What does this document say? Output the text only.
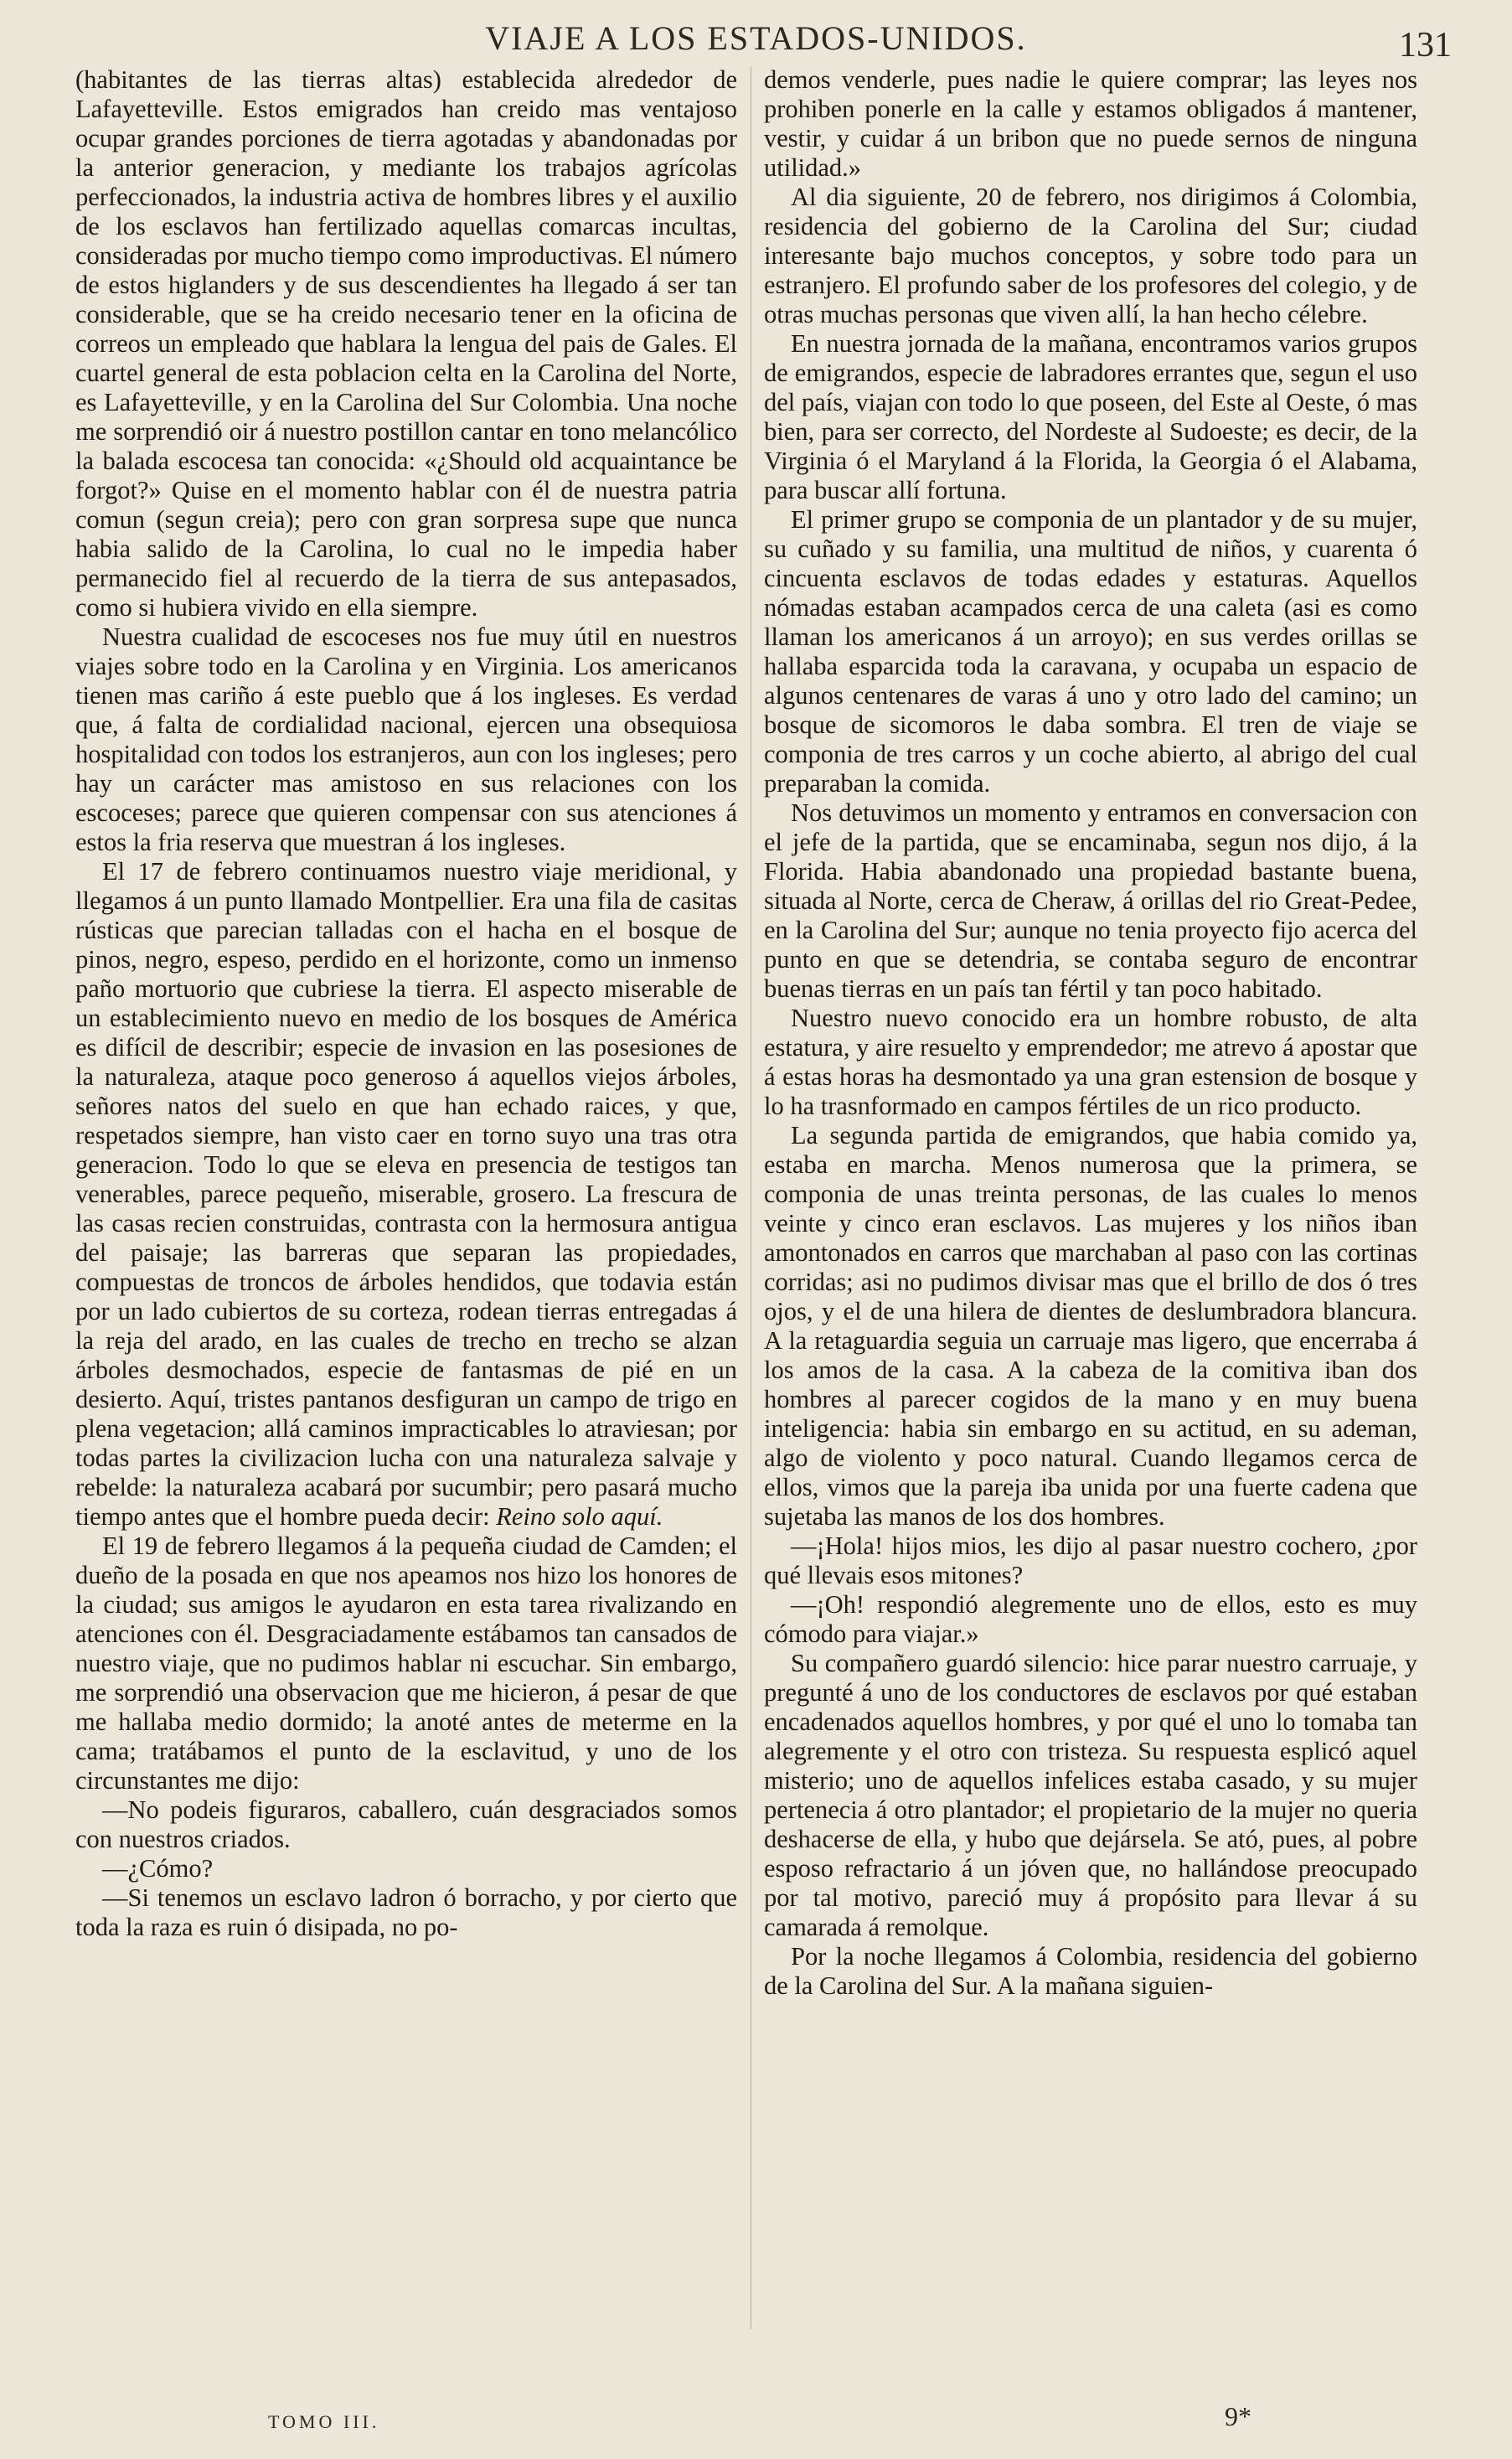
VIAJE A LOS ESTADOS-UNIDOS.	131

(habitantes de las tierras altas) establecida alrededor de Lafayetteville. Estos emigrados han creido mas ventajoso ocupar grandes porciones de tierra agotadas y abandonadas por la anterior generacion, y mediante los trabajos agrícolas perfeccionados, la industria activa de hombres libres y el auxilio de los esclavos han fertilizado aquellas comarcas incultas, consideradas por mucho tiempo como improductivas. El número de estos higlanders y de sus descendientes ha llegado á ser tan considerable, que se ha creido necesario tener en la oficina de correos un empleado que hablara la lengua del pais de Gales. El cuartel general de esta poblacion celta en la Carolina del Norte, es Lafayetteville, y en la Carolina del Sur Colombia. Una noche me sorprendió oir á nuestro postillon cantar en tono melancólico la balada escocesa tan conocida: «¿Should old acquaintance be forgot?» Quise en el momento hablar con él de nuestra patria comun (segun creia); pero con gran sorpresa supe que nunca habia salido de la Carolina, lo cual no le impedia haber permanecido fiel al recuerdo de la tierra de sus antepasados, como si hubiera vivido en ella siempre.

Nuestra cualidad de escoceses nos fue muy útil en nuestros viajes sobre todo en la Carolina y en Virginia. Los americanos tienen mas cariño á este pueblo que á los ingleses. Es verdad que, á falta de cordialidad nacional, ejercen una obsequiosa hospitalidad con todos los estranjeros, aun con los ingleses; pero hay un carácter mas amistoso en sus relaciones con los escoceses; parece que quieren compensar con sus atenciones á estos la fria reserva que muestran á los ingleses.

El 17 de febrero continuamos nuestro viaje meridional, y llegamos á un punto llamado Montpellier. Era una fila de casitas rústicas que parecian talladas con el hacha en el bosque de pinos, negro, espeso, perdido en el horizonte, como un inmenso paño mortuorio que cubriese la tierra. El aspecto miserable de un establecimiento nuevo en medio de los bosques de América es difícil de describir; especie de invasion en las posesiones de la naturaleza, ataque poco generoso á aquellos viejos árboles, señores natos del suelo en que han echado raices, y que, respetados siempre, han visto caer en torno suyo una tras otra generacion. Todo lo que se eleva en presencia de testigos tan venerables, parece pequeño, miserable, grosero. La frescura de las casas recien construidas, contrasta con la hermosura antigua del paisaje; las barreras que separan las propiedades, compuestas de troncos de árboles hendidos, que todavia están por un lado cubiertos de su corteza, rodean tierras entregadas á la reja del arado, en las cuales de trecho en trecho se alzan árboles desmochados, especie de fantasmas de pié en un desierto. Aquí, tristes pantanos desfiguran un campo de trigo en plena vegetacion; allá caminos impracticables lo atraviesan; por todas partes la civilizacion lucha con una naturaleza salvaje y rebelde: la naturaleza acabará por sucumbir; pero pasará mucho tiempo antes que el hombre pueda decir: Reino solo aquí.

El 19 de febrero llegamos á la pequeña ciudad de Camden; el dueño de la posada en que nos apeamos nos hizo los honores de la ciudad; sus amigos le ayudaron en esta tarea rivalizando en atenciones con él. Desgraciadamente estábamos tan cansados de nuestro viaje, que no pudimos hablar ni escuchar. Sin embargo, me sorprendió una observacion que me hicieron, á pesar de que me hallaba medio dormido; la anoté antes de meterme en la cama; tratábamos el punto de la esclavitud, y uno de los circunstantes me dijo:

—No podeis figuraros, caballero, cuán desgraciados somos con nuestros criados.

—¿Cómo?

—Si tenemos un esclavo ladron ó borracho, y por cierto que toda la raza es ruin ó disipada, no po-

demos venderle, pues nadie le quiere comprar; las leyes nos prohiben ponerle en la calle y estamos obligados á mantener, vestir, y cuidar á un bribon que no puede sernos de ninguna utilidad.»

Al dia siguiente, 20 de febrero, nos dirigimos á Colombia, residencia del gobierno de la Carolina del Sur; ciudad interesante bajo muchos conceptos, y sobre todo para un estranjero. El profundo saber de los profesores del colegio, y de otras muchas personas que viven allí, la han hecho célebre.

En nuestra jornada de la mañana, encontramos varios grupos de emigrandos, especie de labradores errantes que, segun el uso del país, viajan con todo lo que poseen, del Este al Oeste, ó mas bien, para ser correcto, del Nordeste al Sudoeste; es decir, de la Virginia ó el Maryland á la Florida, la Georgia ó el Alabama, para buscar allí fortuna.

El primer grupo se componia de un plantador y de su mujer, su cuñado y su familia, una multitud de niños, y cuarenta ó cincuenta esclavos de todas edades y estaturas. Aquellos nómadas estaban acampados cerca de una caleta (asi es como llaman los americanos á un arroyo); en sus verdes orillas se hallaba esparcida toda la caravana, y ocupaba un espacio de algunos centenares de varas á uno y otro lado del camino; un bosque de sicomoros le daba sombra. El tren de viaje se componia de tres carros y un coche abierto, al abrigo del cual preparaban la comida.

Nos detuvimos un momento y entramos en conversacion con el jefe de la partida, que se encaminaba, segun nos dijo, á la Florida. Habia abandonado una propiedad bastante buena, situada al Norte, cerca de Cheraw, á orillas del rio Great-Pedee, en la Carolina del Sur; aunque no tenia proyecto fijo acerca del punto en que se detendria, se contaba seguro de encontrar buenas tierras en un país tan fértil y tan poco habitado.

Nuestro nuevo conocido era un hombre robusto, de alta estatura, y aire resuelto y emprendedor; me atrevo á apostar que á estas horas ha desmontado ya una gran estension de bosque y lo ha trasnformado en campos fértiles de un rico producto.

La segunda partida de emigrandos, que habia comido ya, estaba en marcha. Menos numerosa que la primera, se componia de unas treinta personas, de las cuales lo menos veinte y cinco eran esclavos. Las mujeres y los niños iban amontonados en carros que marchaban al paso con las cortinas corridas; asi no pudimos divisar mas que el brillo de dos ó tres ojos, y el de una hilera de dientes de deslumbradora blancura. A la retaguardia seguia un carruaje mas ligero, que encerraba á los amos de la casa. A la cabeza de la comitiva iban dos hombres al parecer cogidos de la mano y en muy buena inteligencia: habia sin embargo en su actitud, en su ademan, algo de violento y poco natural. Cuando llegamos cerca de ellos, vimos que la pareja iba unida por una fuerte cadena que sujetaba las manos de los dos hombres.

—¡Hola! hijos mios, les dijo al pasar nuestro cochero, ¿por qué llevais esos mitones?

—¡Oh! respondió alegremente uno de ellos, esto es muy cómodo para viajar.»

Su compañero guardó silencio: hice parar nuestro carruaje, y pregunté á uno de los conductores de esclavos por qué estaban encadenados aquellos hombres, y por qué el uno lo tomaba tan alegremente y el otro con tristeza. Su respuesta esplicó aquel misterio; uno de aquellos infelices estaba casado, y su mujer pertenecia á otro plantador; el propietario de la mujer no queria deshacerse de ella, y hubo que dejársela. Se ató, pues, al pobre esposo refractario á un jóven que, no hallándose preocupado por tal motivo, pareció muy á propósito para llevar á su camarada á remolque.

Por la noche llegamos á Colombia, residencia del gobierno de la Carolina del Sur. A la mañana siguien-

TOMO III.	9*
